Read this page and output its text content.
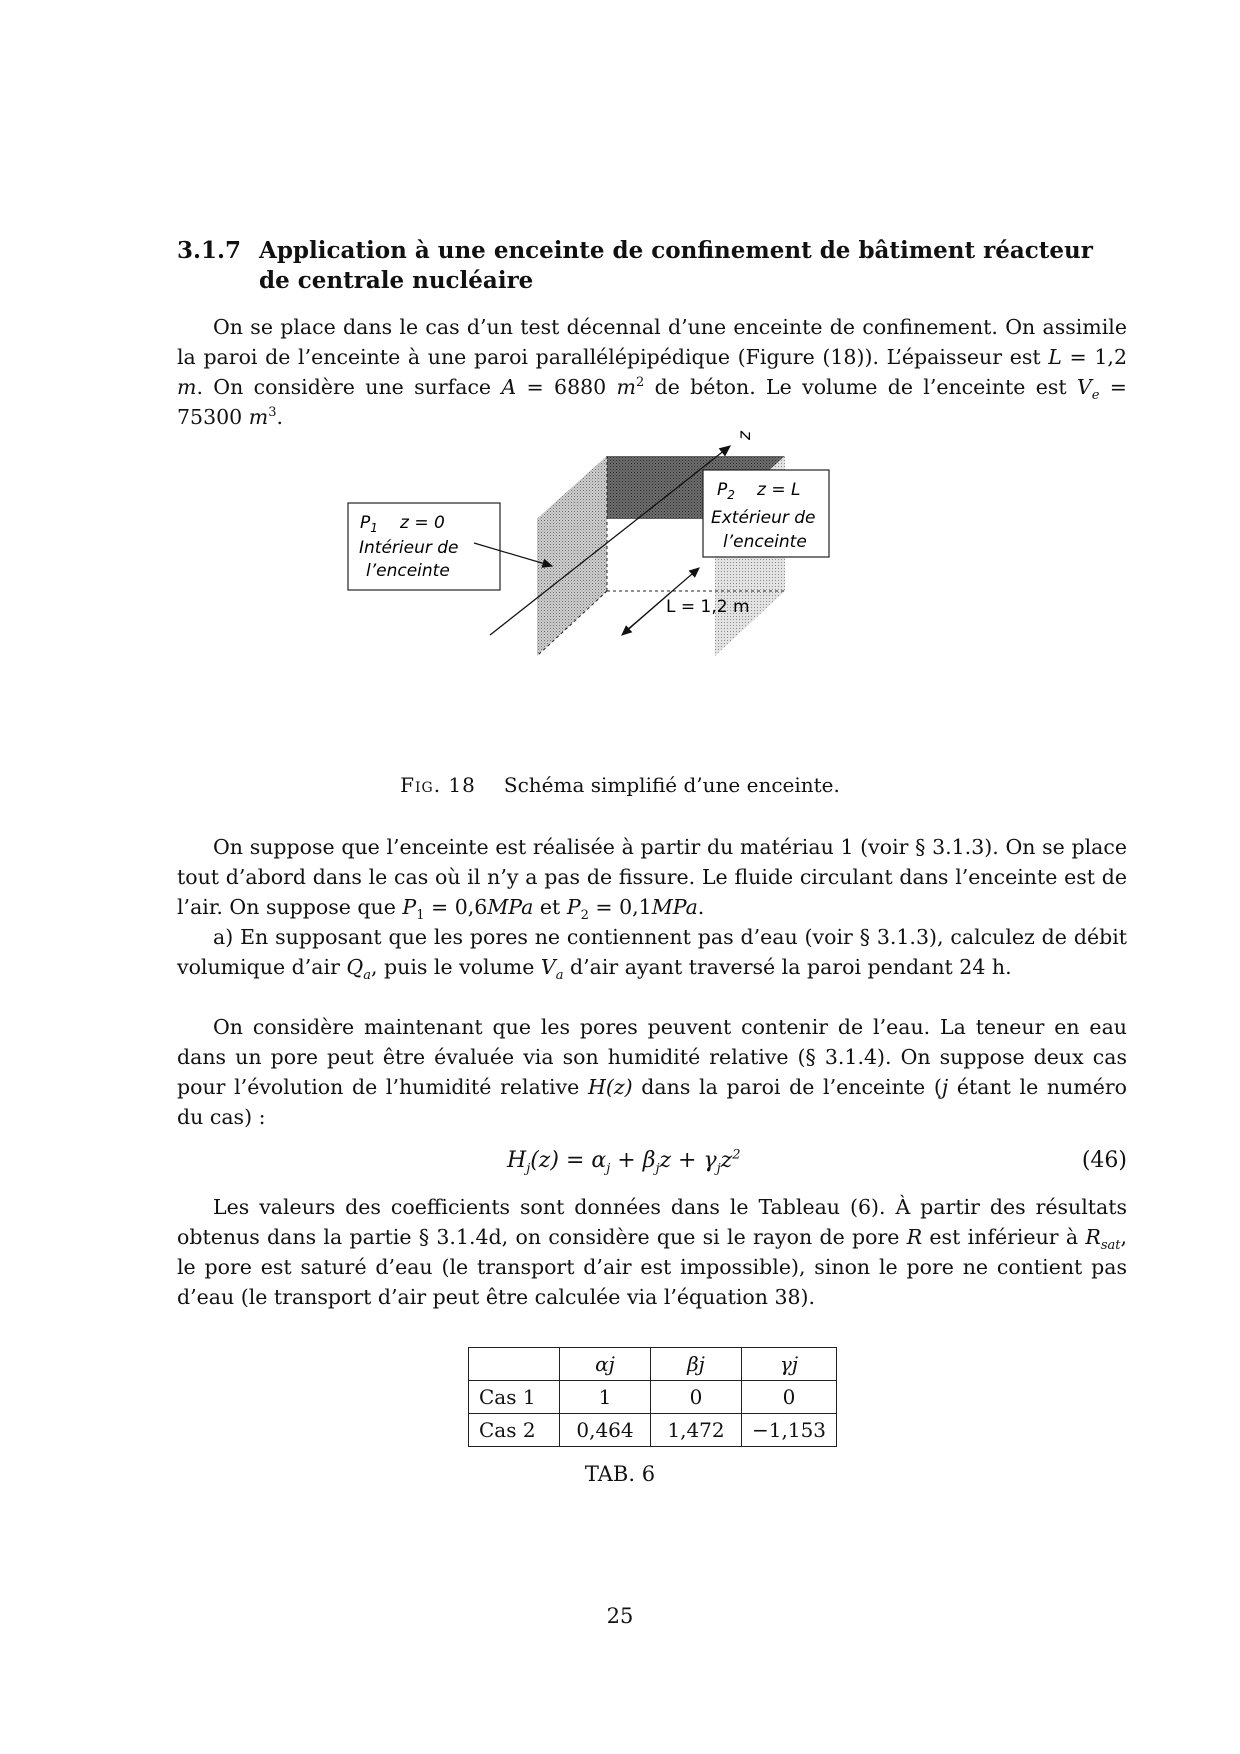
3.1.7 Application à une enceinte de confinement de bâtiment réacteur de centrale nucléaire

On se place dans le cas d’un test décennal d’une enceinte de confinement. On assimile la paroi de l’enceinte à une paroi parallélépipédique (Figure (18)). L’épaisseur est L = 1,2 m. On considère une surface A = 6880 $m^2$ de béton. Le volume de l’enceinte est $V_e = 75300$ $m^3$.

z
$P_1$ z = 0
Intérieur de
l’enceinte
$P_2$ z = L
Extérieur de
l’enceinte
L = 1,2 m
Fig. 18 Schéma simplifié d’une enceinte.

On suppose que l’enceinte est réalisée à partir du matériau 1 (voir § 3.1.3). On se place tout d’abord dans le cas où il n’y a pas de fissure. Le fluide circulant dans l’enceinte est de l’air. On suppose que $P_1 = 0,6MPa$ et $P_2 = 0,1MPa$.

a) En supposant que les pores ne contiennent pas d’eau (voir § 3.1.3), calculez de débit volumique d’air $Q_a$, puis le volume $V_a$ d’air ayant traversé la paroi pendant 24 h.

On considère maintenant que les pores peuvent contenir de l’eau. La teneur en eau dans un pore peut être évaluée via son humidité relative (§ 3.1.4). On suppose deux cas pour l’évolution de l’humidité relative H(z) dans la paroi de l’enceinte (j étant le numéro du cas) :

$H_j(z) = \alpha_j + \beta_jz + \gamma_jz^2$	(46)

Les valeurs des coefficients sont données dans le Tableau (6). À partir des résultats obtenus dans la partie § 3.1.4d, on considère que si le rayon de pore R est inférieur à $R_{sat}$, le pore est saturé d’eau (le transport d’air est impossible), sinon le pore ne contient pas d’eau (le transport d’air peut être calculée via l’équation 38).

	αj	βj	γj
Cas 1	1	0	0
Cas 2	0,464	1,472	−1,153
TAB. 6
25
